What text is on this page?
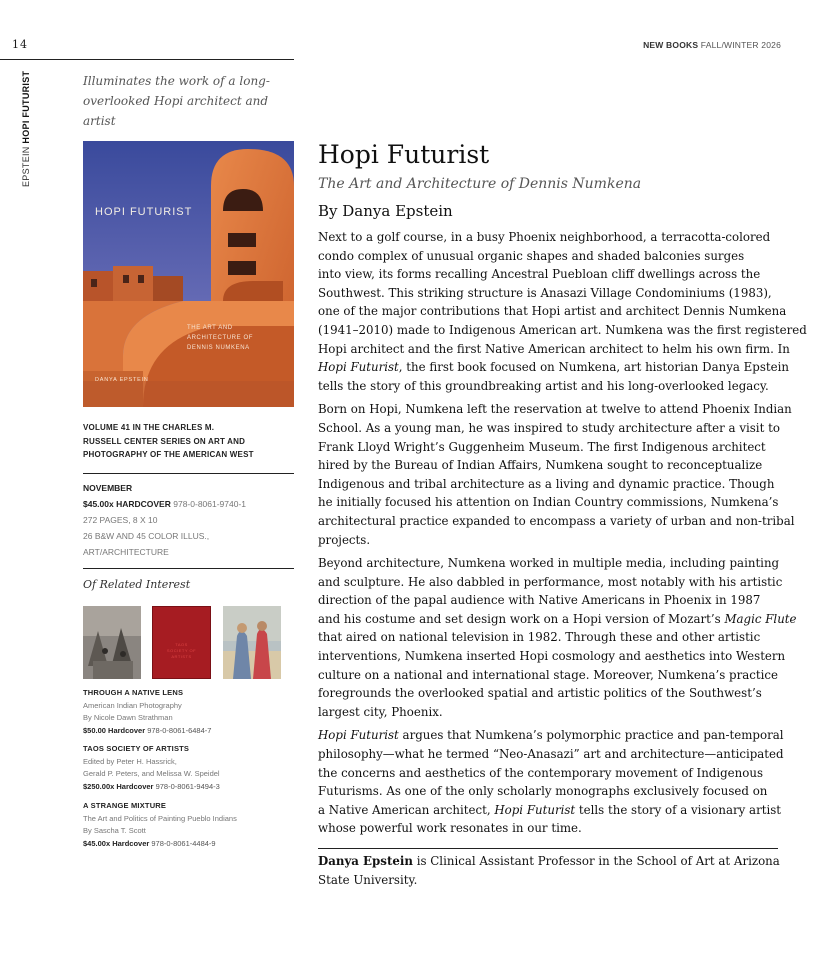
14	NEW BOOKS FALL/WINTER 2026
EPSTEIN HOPI FUTURIST	Illuminates the work of a long-
overlooked Hopi architect and artist
HOPI FUTURIST
THE ART AND
ARCHITECTURE OF
DENNIS NUMKENA
DANYA EPSTEIN
VOLUME 41 IN THE CHARLES M.
RUSSELL CENTER SERIES ON ART AND
PHOTOGRAPHY OF THE AMERICAN WEST
NOVEMBER
$45.00x HARDCOVER 978-0-8061-9740-1
272 PAGES, 8 X 10
26 B&W AND 45 COLOR ILLUS.,
ART/ARCHITECTURE
Of Related Interest
TAOS
SOCIETY OF
ARTISTS
THROUGH A NATIVE LENS
American Indian Photography
By Nicole Dawn Strathman
$50.00 Hardcover 978-0-8061-6484-7
TAOS SOCIETY OF ARTISTS
Edited by Peter H. Hassrick,
Gerald P. Peters, and Melissa W. Speidel
$250.00x Hardcover 978-0-8061-9494-3
A STRANGE MIXTURE
The Art and Politics of Painting Pueblo Indians
By Sascha T. Scott
$45.00x Hardcover 978-0-8061-4484-9
Hopi Futurist
The Art and Architecture of Dennis Numkena
By Danya Epstein
Next to a golf course, in a busy Phoenix neighborhood, a terracotta-colored
condo complex of unusual organic shapes and shaded balconies surges
into view, its forms recalling Ancestral Puebloan cliff dwellings across the
Southwest. This striking structure is Anasazi Village Condominiums (1983),
one of the major contributions that Hopi artist and architect Dennis Numkena
(1941–2010) made to Indigenous American art. Numkena was the first registered
Hopi architect and the first Native American architect to helm his own firm. In
Hopi Futurist, the first book focused on Numkena, art historian Danya Epstein
tells the story of this groundbreaking artist and his long-overlooked legacy.
Born on Hopi, Numkena left the reservation at twelve to attend Phoenix Indian
School. As a young man, he was inspired to study architecture after a visit to
Frank Lloyd Wright’s Guggenheim Museum. The first Indigenous architect
hired by the Bureau of Indian Affairs, Numkena sought to reconceptualize
Indigenous and tribal architecture as a living and dynamic practice. Though
he initially focused his attention on Indian Country commissions, Numkena’s
architectural practice expanded to encompass a variety of urban and non-tribal
projects.
Beyond architecture, Numkena worked in multiple media, including painting
and sculpture. He also dabbled in performance, most notably with his artistic
direction of the papal audience with Native Americans in Phoenix in 1987
and his costume and set design work on a Hopi version of Mozart’s Magic Flute
that aired on national television in 1982. Through these and other artistic
interventions, Numkena inserted Hopi cosmology and aesthetics into Western
culture on a national and international stage. Moreover, Numkena’s practice
foregrounds the overlooked spatial and artistic politics of the Southwest’s
largest city, Phoenix.
Hopi Futurist argues that Numkena’s polymorphic practice and pan-temporal
philosophy—what he termed “Neo-Anasazi” art and architecture—anticipated
the concerns and aesthetics of the contemporary movement of Indigenous
Futurisms. As one of the only scholarly monographs exclusively focused on
a Native American architect, Hopi Futurist tells the story of a visionary artist
whose powerful work resonates in our time.
Danya Epstein is Clinical Assistant Professor in the School of Art at Arizona
State University.
